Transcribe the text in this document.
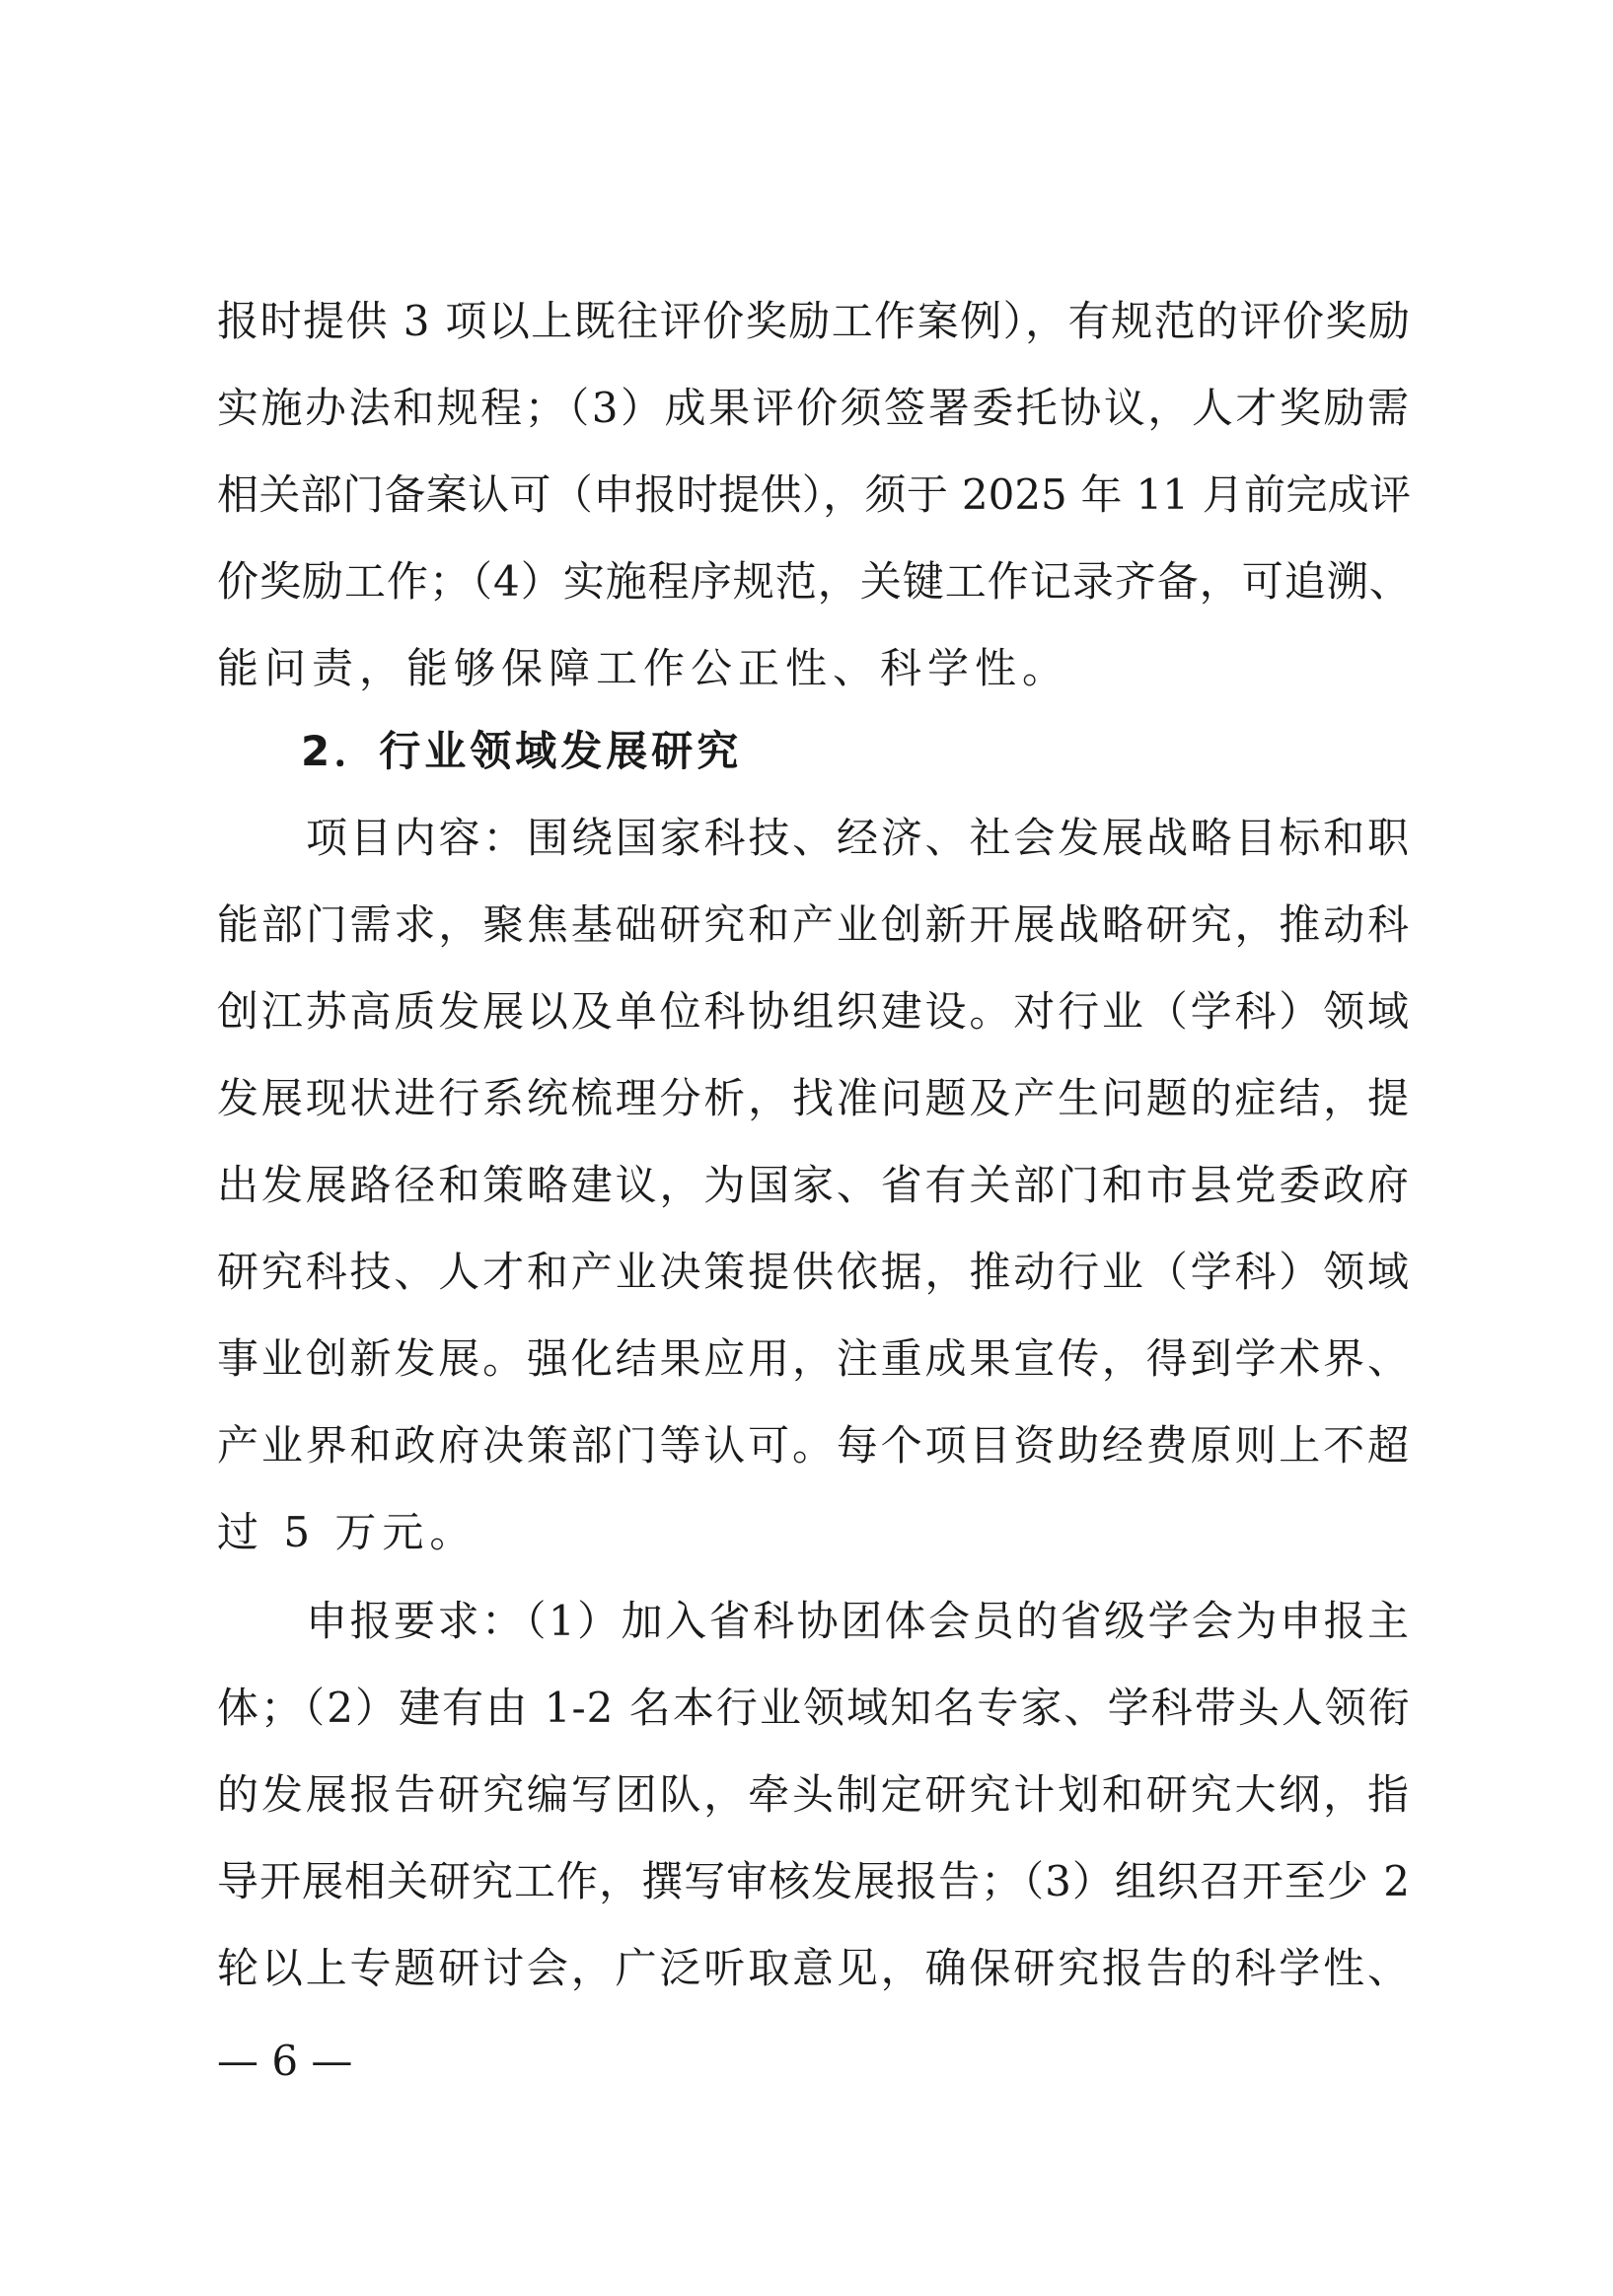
报时提供 3 项以上既往评价奖励工作案例），有规范的评价奖励
实施办法和规程；（3）成果评价须签署委托协议，人才奖励需
相关部门备案认可（申报时提供），须于 2025 年 11 月前完成评
价奖励工作；（4）实施程序规范，关键工作记录齐备，可追溯、
能问责，能够保障工作公正性、科学性。
2．行业领域发展研究
项目内容：围绕国家科技、经济、社会发展战略目标和职
能部门需求，聚焦基础研究和产业创新开展战略研究，推动科
创江苏高质发展以及单位科协组织建设。对行业（学科）领域
发展现状进行系统梳理分析，找准问题及产生问题的症结，提
出发展路径和策略建议，为国家、省有关部门和市县党委政府
研究科技、人才和产业决策提供依据，推动行业（学科）领域
事业创新发展。强化结果应用，注重成果宣传，得到学术界、
产业界和政府决策部门等认可。每个项目资助经费原则上不超
过 5 万元。
申报要求：（1）加入省科协团体会员的省级学会为申报主
体；（2）建有由 1-2 名本行业领域知名专家、学科带头人领衔
的发展报告研究编写团队，牵头制定研究计划和研究大纲，指
导开展相关研究工作，撰写审核发展报告；（3）组织召开至少 2
轮以上专题研讨会，广泛听取意见，确保研究报告的科学性、
— 6 —
